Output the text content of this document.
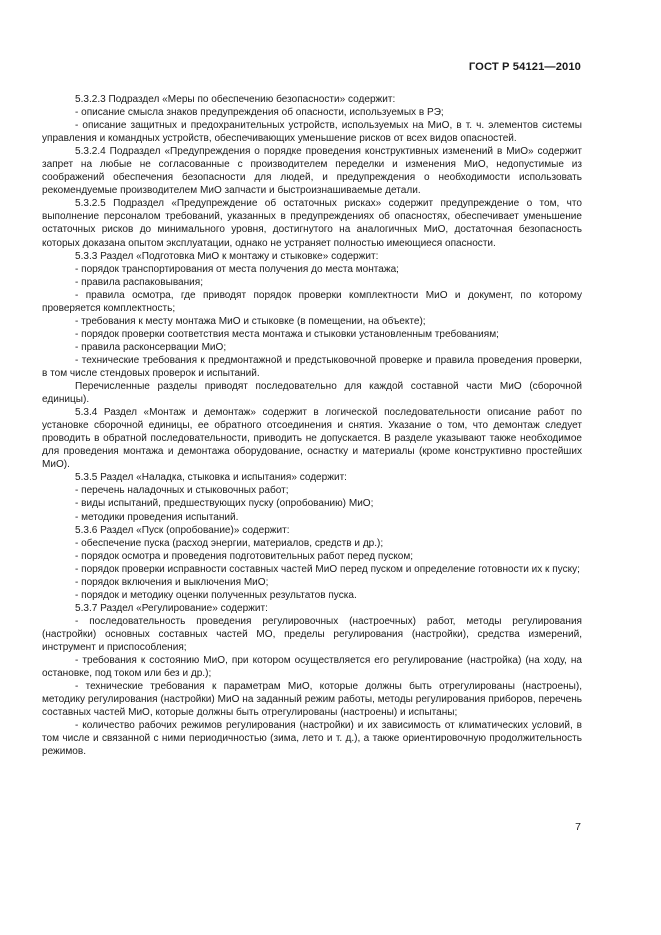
ГОСТ Р 54121—2010

5.3.2.3 Подраздел «Меры по обеспечению безопасности» содержит:

- описание смысла знаков предупреждения об опасности, используемых в РЭ;

- описание защитных и предохранительных устройств, используемых на МиО, в т. ч. элементов системы управления и командных устройств, обеспечивающих уменьшение рисков от всех видов опасностей.

5.3.2.4 Подраздел «Предупреждения о порядке проведения конструктивных изменений в МиО» содержит запрет на любые не согласованные с производителем переделки и изменения МиО, недопустимые из соображений обеспечения безопасности для людей, и предупреждения о необходимости использовать рекомендуемые производителем МиО запчасти и быстроизнашиваемые детали.

5.3.2.5 Подраздел «Предупреждение об остаточных рисках» содержит предупреждение о том, что выполнение персоналом требований, указанных в предупреждениях об опасностях, обеспечивает уменьшение остаточных рисков до минимального уровня, достигнутого на аналогичных МиО, достаточная безопасность которых доказана опытом эксплуатации, однако не устраняет полностью имеющиеся опасности.

5.3.3 Раздел «Подготовка МиО к монтажу и стыковке» содержит:

- порядок транспортирования от места получения до места монтажа;

- правила распаковывания;

- правила осмотра, где приводят порядок проверки комплектности МиО и документ, по которому проверяется комплектность;

- требования к месту монтажа МиО и стыковке (в помещении, на объекте);

- порядок проверки соответствия места монтажа и стыковки установленным требованиям;

- правила расконсервации МиО;

- технические требования к предмонтажной и предстыковочной проверке и правила проведения проверки, в том числе стендовых проверок и испытаний.

Перечисленные разделы приводят последовательно для каждой составной части МиО (сборочной единицы).

5.3.4 Раздел «Монтаж и демонтаж» содержит в логической последовательности описание работ по установке сборочной единицы, ее обратного отсоединения и снятия. Указание о том, что демонтаж следует проводить в обратной последовательности, приводить не допускается. В разделе указывают также необходимое для проведения монтажа и демонтажа оборудование, оснастку и материалы (кроме конструктивно простейших МиО).

5.3.5 Раздел «Наладка, стыковка и испытания» содержит:

- перечень наладочных и стыковочных работ;

- виды испытаний, предшествующих пуску (опробованию) МиО;

- методики проведения испытаний.

5.3.6 Раздел «Пуск (опробование)» содержит:

- обеспечение пуска (расход энергии, материалов, средств и др.);

- порядок осмотра и проведения подготовительных работ перед пуском;

- порядок проверки исправности составных частей МиО перед пуском и определение готовности их к пуску;

- порядок включения и выключения МиО;

- порядок и методику оценки полученных результатов пуска.

5.3.7 Раздел «Регулирование» содержит:

- последовательность проведения регулировочных (настроечных) работ, методы регулирования (настройки) основных составных частей МО, пределы регулирования (настройки), средства измерений, инструмент и приспособления;

- требования к состоянию МиО, при котором осуществляется его регулирование (настройка) (на ходу, на остановке, под током или без и др.);

- технические требования к параметрам МиО, которые должны быть отрегулированы (настроены), методику регулирования (настройки) МиО на заданный режим работы, методы регулирования приборов, перечень составных частей МиО, которые должны быть отрегулированы (настроены) и испытаны;

- количество рабочих режимов регулирования (настройки) и их зависимость от климатических условий, в том числе и связанной с ними периодичностью (зима, лето и т. д.), а также ориентировочную продолжительность режимов.

7
